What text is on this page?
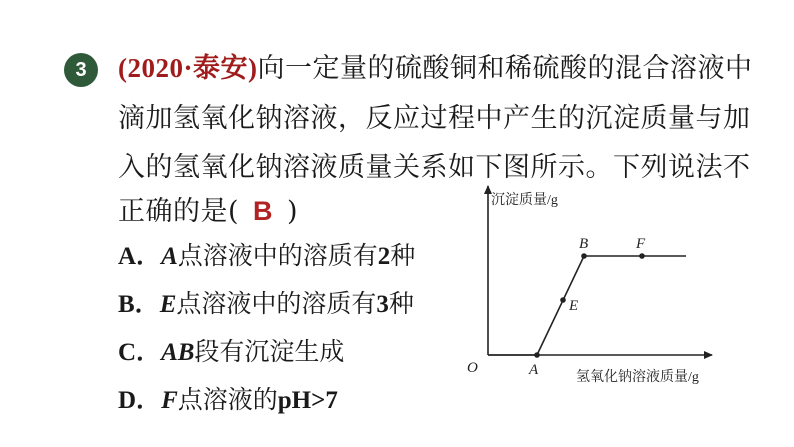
3	(2020·泰安)向一定量的硫酸铜和稀硫酸的混合溶液中
滴加氢氧化钠溶液，反应过程中产生的沉淀质量与加
入的氢氧化钠溶液质量关系如下图所示。下列说法不
正确的是( B )
A．A点溶液中的溶质有2种
B．E点溶液中的溶质有3种
C．AB段有沉淀生成
D．F点溶液的pH>7
沉淀质量/g
氢氧化钠溶液质量/g
O	A
B
E
F
